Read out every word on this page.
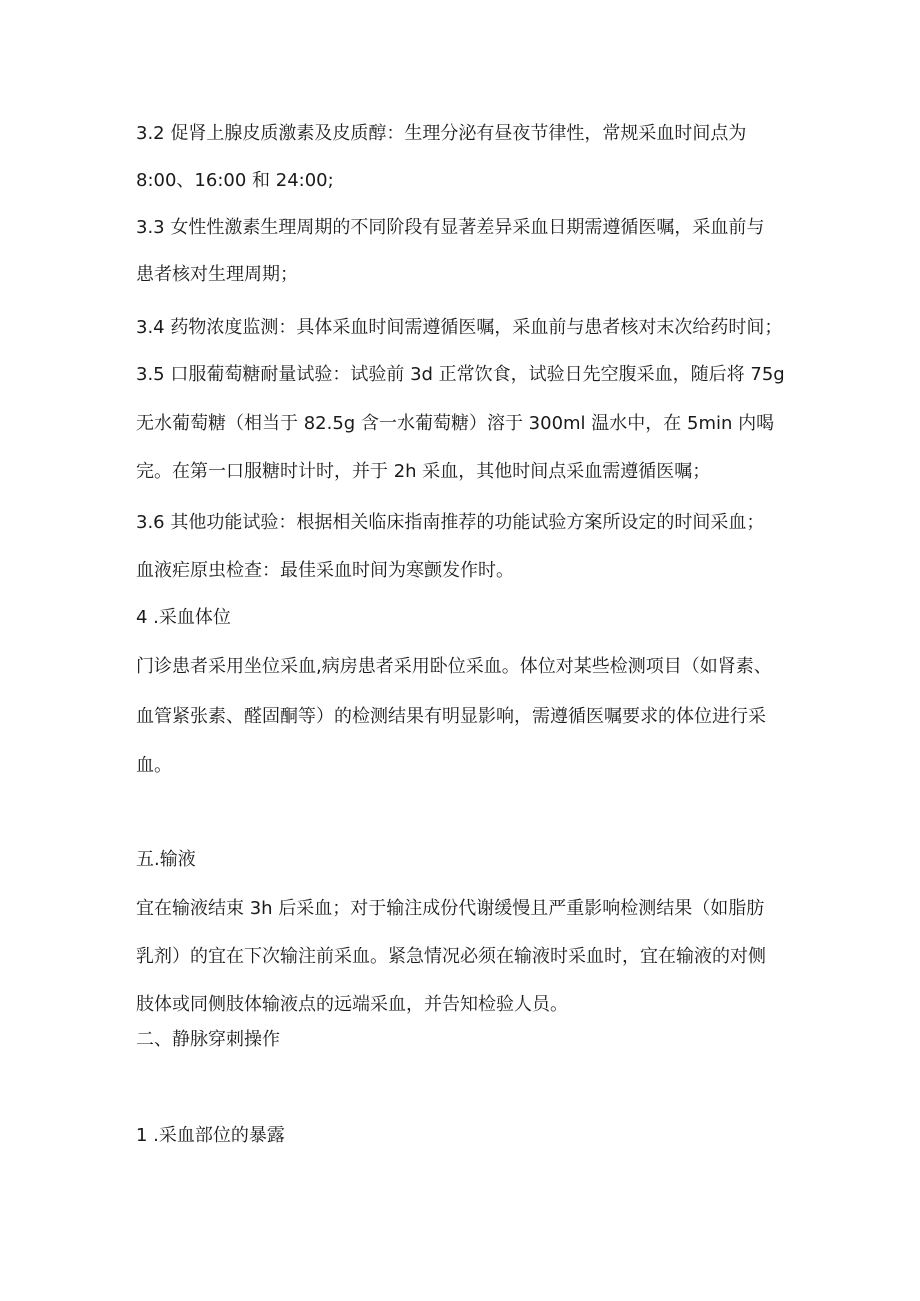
3.2 促肾上腺皮质激素及皮质醇：生理分泌有昼夜节律性，常规采血时间点为
8:00、16:00 和 24:00;
3.3 女性性激素生理周期的不同阶段有显著差异采血日期需遵循医嘱，采血前与
患者核对生理周期；
3.4 药物浓度监测：具体采血时间需遵循医嘱，采血前与患者核对末次给药时间；
3.5 口服葡萄糖耐量试验：试验前 3d 正常饮食，试验日先空腹采血，随后将 75g
无水葡萄糖（相当于 82.5g 含一水葡萄糖）溶于 300ml 温水中，在 5min 内喝
完。在第一口服糖时计时，并于 2h 采血，其他时间点采血需遵循医嘱；
3.6 其他功能试验：根据相关临床指南推荐的功能试验方案所设定的时间采血；
血液疟原虫检查：最佳采血时间为寒颤发作时。
4 .采血体位
门诊患者采用坐位采血,病房患者采用卧位采血。体位对某些检测项目（如肾素、
血管紧张素、醛固酮等）的检测结果有明显影响，需遵循医嘱要求的体位进行采
血。
五.输液
宜在输液结束 3h 后采血；对于输注成份代谢缓慢且严重影响检测结果（如脂肪
乳剂）的宜在下次输注前采血。紧急情况必须在输液时采血时，宜在输液的对侧
肢体或同侧肢体输液点的远端采血，并告知检验人员。
二、静脉穿刺操作
1 .采血部位的暴露
